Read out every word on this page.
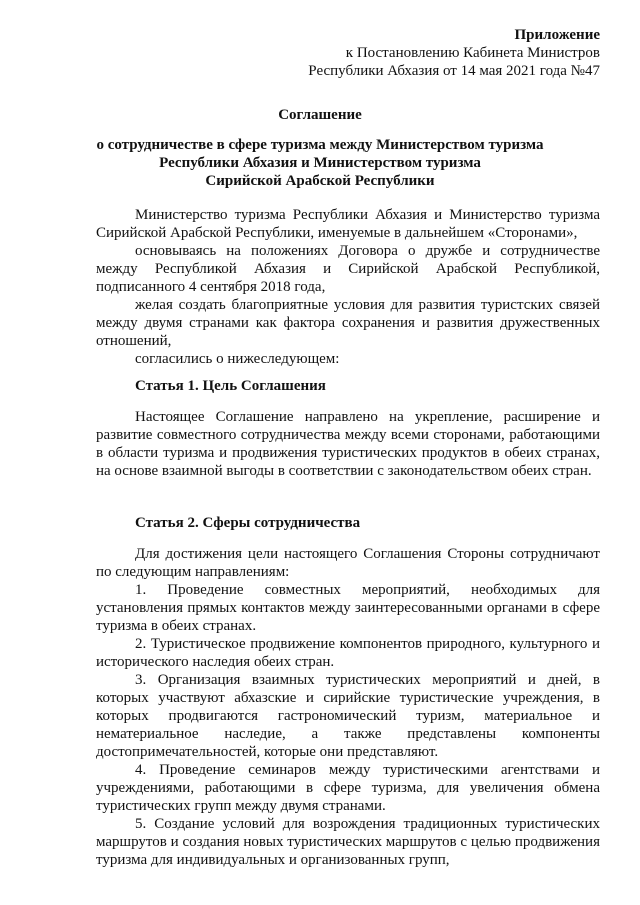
Приложение
к Постановлению Кабинета Министров
Республики Абхазия от 14 мая 2021 года №47
Соглашение
о сотрудничестве в сфере туризма между Министерством туризма
Республики Абхазия и Министерством туризма
Сирийской Арабской Республики

Министерство туризма Республики Абхазия и Министерство туризма Сирийской Арабской Республики, именуемые в дальнейшем «Сторонами»,

основываясь на положениях Договора о дружбе и сотрудничестве между Республикой Абхазия и Сирийской Арабской Республикой, подписанного 4 сентября 2018 года,

желая создать благоприятные условия для развития туристских связей между двумя странами как фактора сохранения и развития дружественных отношений,

согласились о нижеследующем:

Статья 1. Цель Соглашения

Настоящее Соглашение направлено на укрепление, расширение и развитие совместного сотрудничества между всеми сторонами, работающими в области туризма и продвижения туристических продуктов в обеих странах, на основе взаимной выгоды в соответствии с законодательством обеих стран.

Статья 2. Сферы сотрудничества

Для достижения цели настоящего Соглашения Стороны сотрудничают по следующим направлениям:

1. Проведение совместных мероприятий, необходимых для установления прямых контактов между заинтересованными органами в сфере туризма в обеих странах.

2. Туристическое продвижение компонентов природного, культурного и исторического наследия обеих стран.

3. Организация взаимных туристических мероприятий и дней, в которых участвуют абхазские и сирийские туристические учреждения, в которых продвигаются гастрономический туризм, материальное и нематериальное наследие, а также представлены компоненты достопримечательностей, которые они представляют.

4. Проведение семинаров между туристическими агентствами и учреждениями, работающими в сфере туризма, для увеличения обмена туристических групп между двумя странами.

5. Создание условий для возрождения традиционных туристических маршрутов и создания новых туристических маршрутов с целью продвижения туризма для индивидуальных и организованных групп,
